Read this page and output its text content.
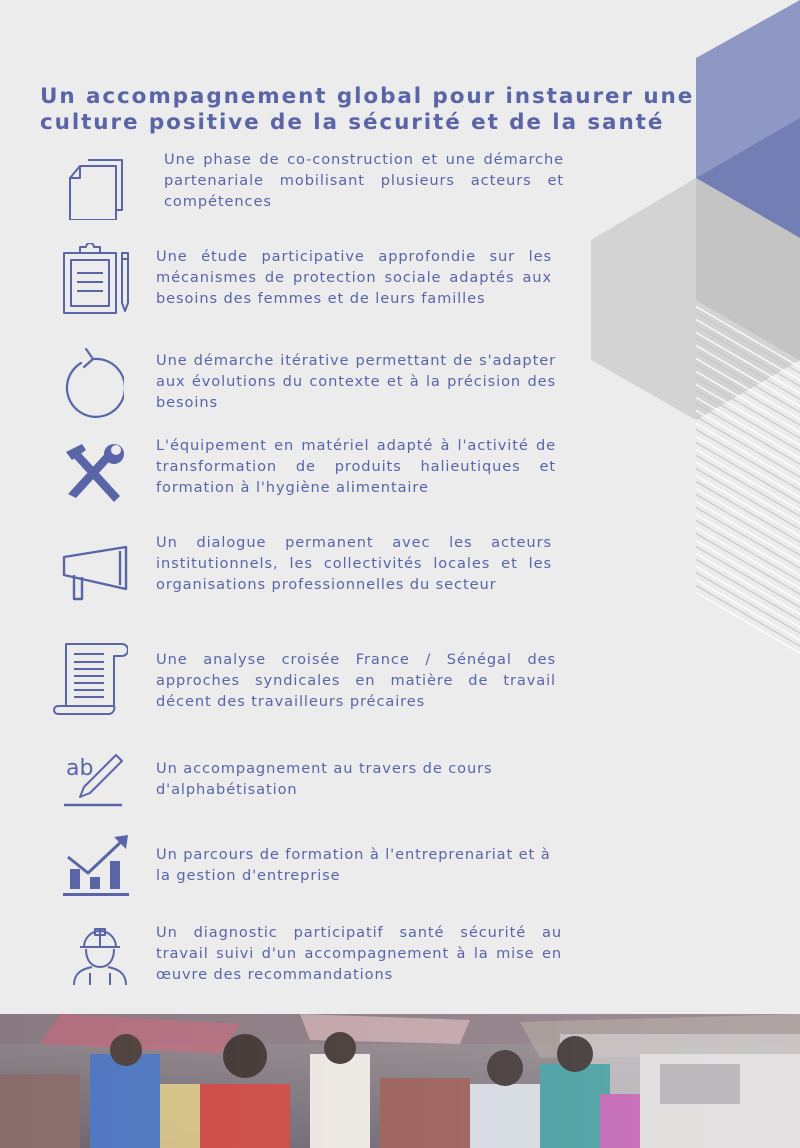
Un accompagnement global pour instaurer une
culture positive de la sécurité et de la santé

Une phase de co-construction et une démarche partenariale mobilisant plusieurs acteurs et compétences

Une étude participative approfondie sur les mécanismes de protection sociale adaptés aux besoins des femmes et de leurs familles

Une démarche itérative permettant de s'adapter aux évolutions du contexte et à la précision des besoins

L'équipement en matériel adapté à l'activité de transformation de produits halieutiques et formation à l'hygiène alimentaire

Un dialogue permanent avec les acteurs institutionnels, les collectivités locales et les organisations professionnelles du secteur

Une analyse croisée France / Sénégal des approches syndicales en matière de travail décent des travailleurs précaires

ab	Un accompagnement au travers de cours d'alphabétisation

Un parcours de formation à l'entreprenariat et à la gestion d'entreprise

Un diagnostic participatif santé sécurité au travail suivi d'un accompagnement à la mise en œuvre des recommandations
